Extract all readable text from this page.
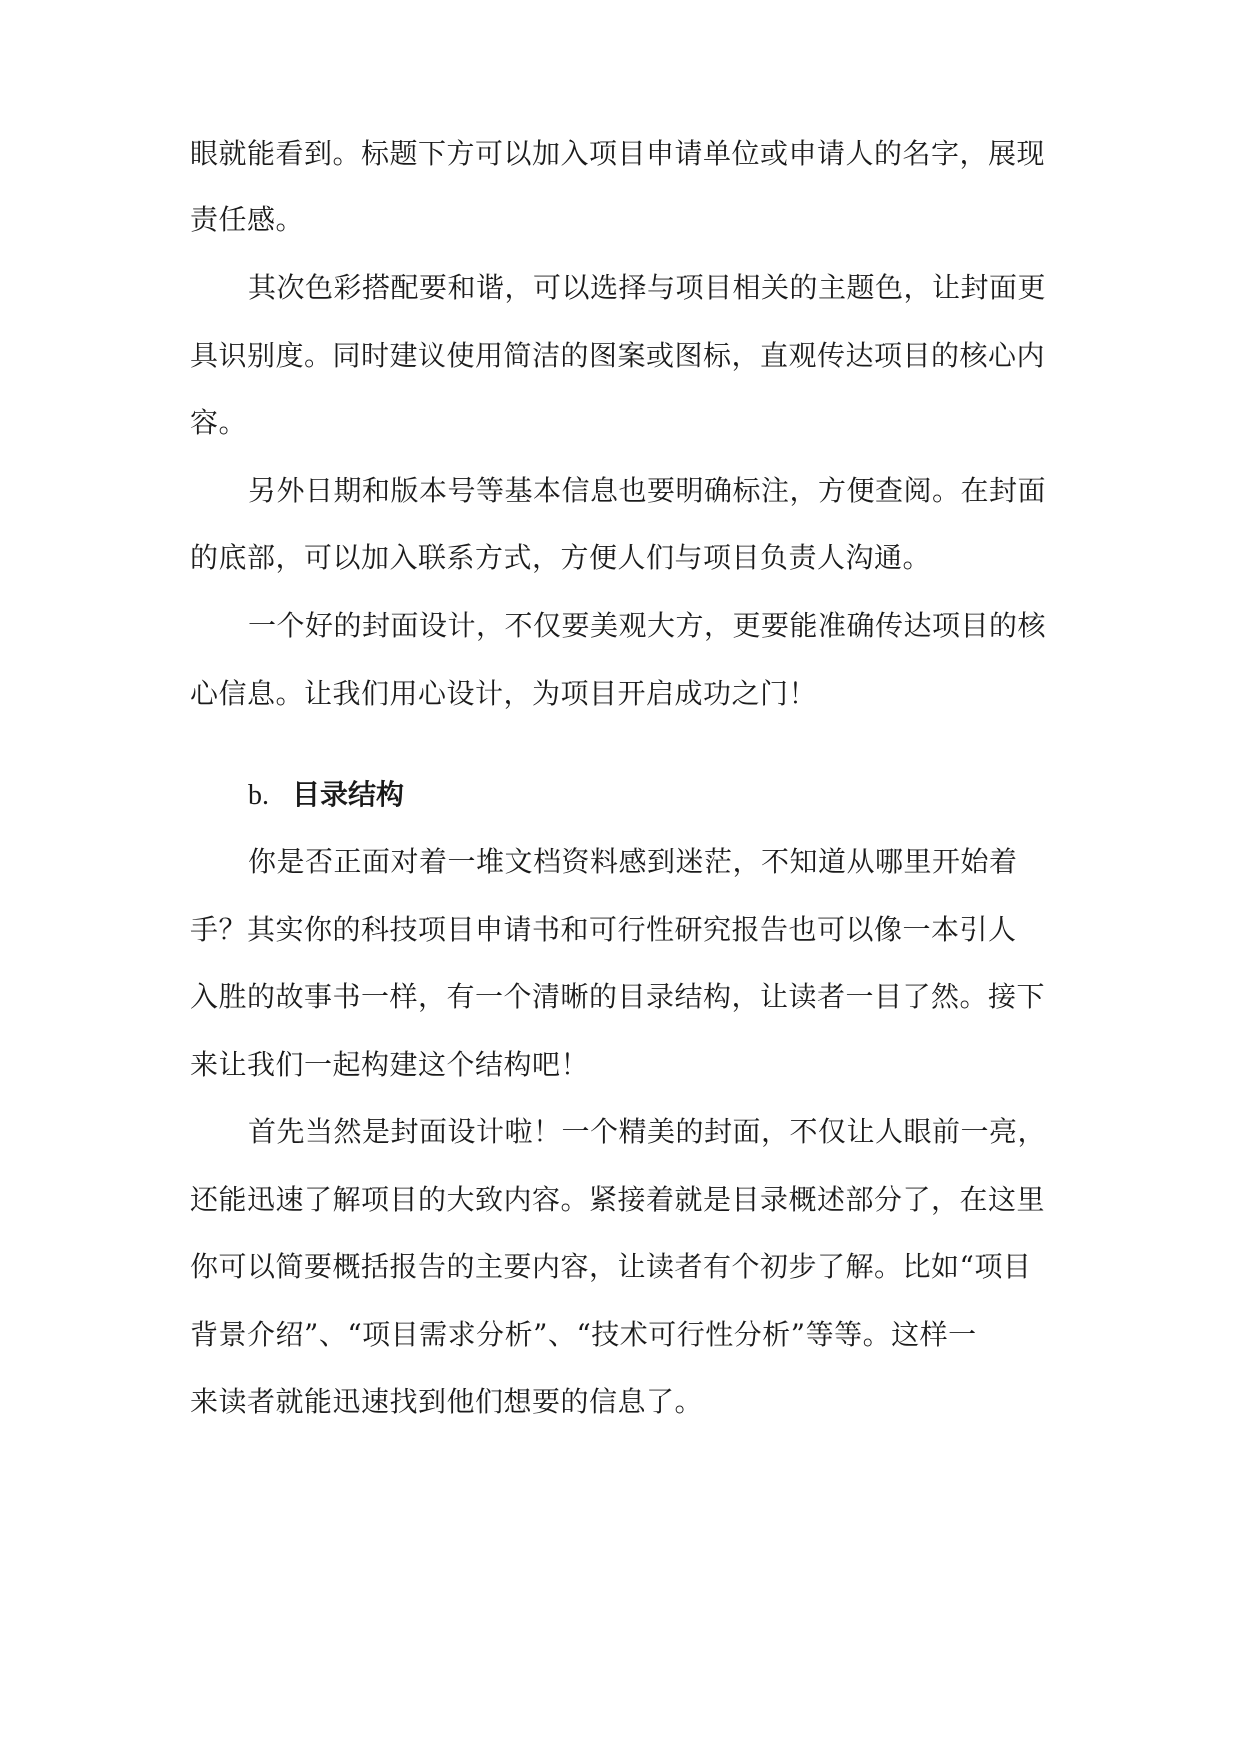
眼就能看到。标题下方可以加入项目申请单位或申请人的名字，展现
责任感。
其次色彩搭配要和谐，可以选择与项目相关的主题色，让封面更
具识别度。同时建议使用简洁的图案或图标，直观传达项目的核心内
容。
另外日期和版本号等基本信息也要明确标注，方便查阅。在封面
的底部，可以加入联系方式，方便人们与项目负责人沟通。
一个好的封面设计，不仅要美观大方，更要能准确传达项目的核
心信息。让我们用心设计，为项目开启成功之门！
b. 目录结构
你是否正面对着一堆文档资料感到迷茫，不知道从哪里开始着
手？其实你的科技项目申请书和可行性研究报告也可以像一本引人
入胜的故事书一样，有一个清晰的目录结构，让读者一目了然。接下
来让我们一起构建这个结构吧！
首先当然是封面设计啦！一个精美的封面，不仅让人眼前一亮，
还能迅速了解项目的大致内容。紧接着就是目录概述部分了，在这里
你可以简要概括报告的主要内容，让读者有个初步了解。比如“项目
背景介绍”、“项目需求分析”、“技术可行性分析”等等。这样一
来读者就能迅速找到他们想要的信息了。
